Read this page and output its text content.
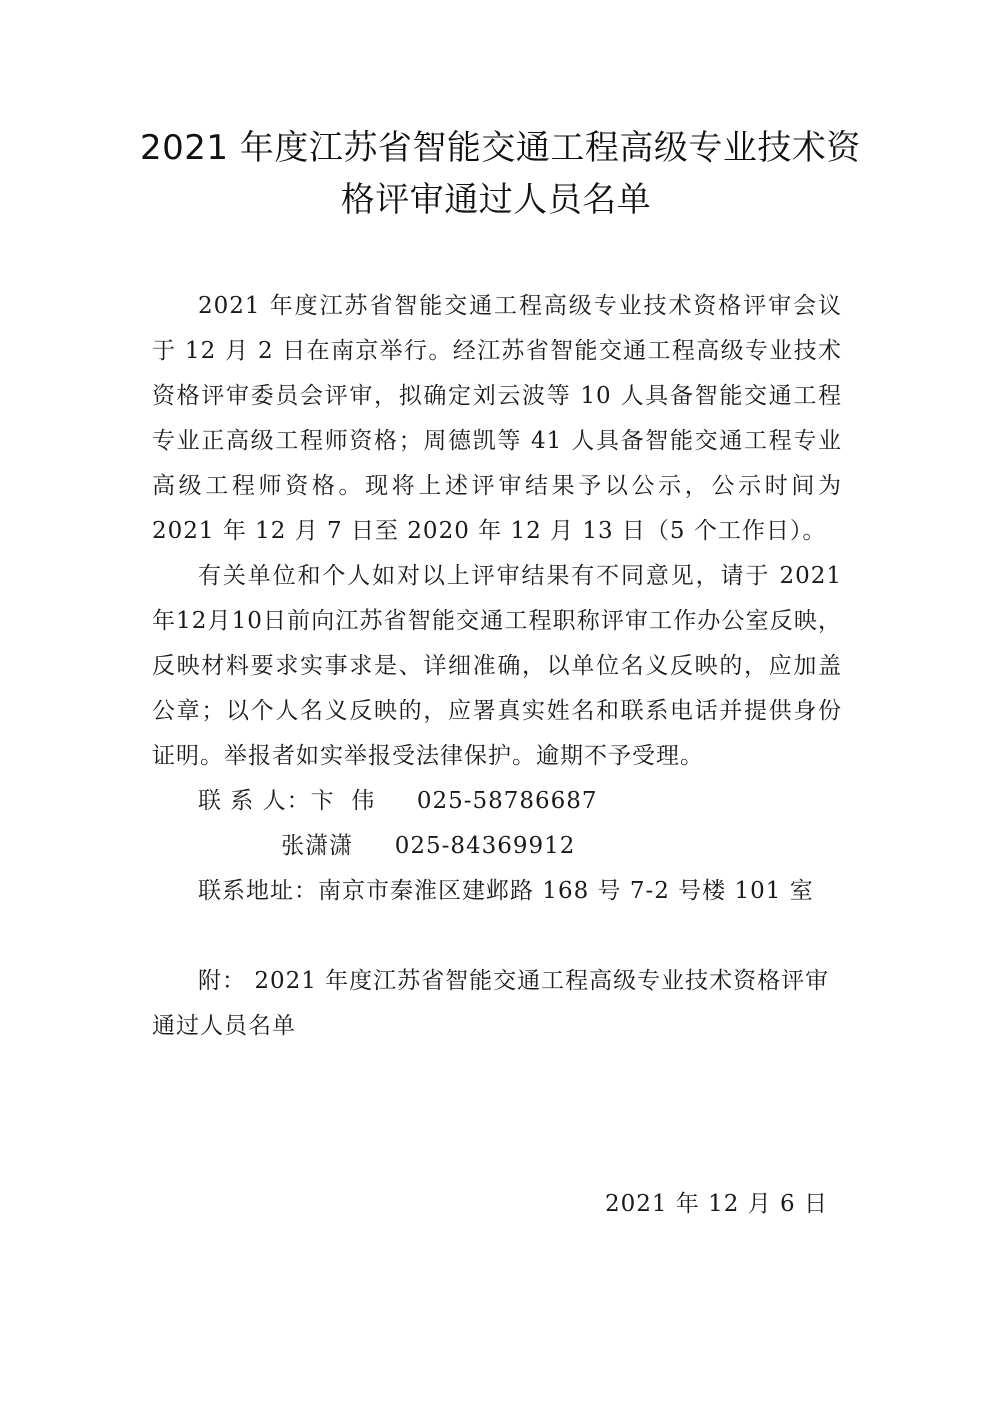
2021 年度江苏省智能交通工程高级专业技术资
格评审通过人员名单

2021 年度江苏省智能交通工程高级专业技术资格评审会议于 12 月 2 日在南京举行。经江苏省智能交通工程高级专业技术资格评审委员会评审，拟确定刘云波等 10 人具备智能交通工程专业正高级工程师资格；周德凯等 41 人具备智能交通工程专业高级工程师资格。现将上述评审结果予以公示，公示时间为 2021 年 12 月 7 日至 2020 年 12 月 13 日（5 个工作日）。

有关单位和个人如对以上评审结果有不同意见，请于 2021年12月10日前向江苏省智能交通工程职称评审工作办公室反映，反映材料要求实事求是、详细准确，以单位名义反映的，应加盖公章；以个人名义反映的，应署真实姓名和联系电话并提供身份证明。举报者如实举报受法律保护。逾期不予受理。

联 系 人：卞  伟 025-58786687

张潇潇 025-84369912

联系地址：南京市秦淮区建邺路 168 号 7-2 号楼 101 室

附： 2021 年度江苏省智能交通工程高级专业技术资格评审通过人员名单

2021 年 12 月 6 日
